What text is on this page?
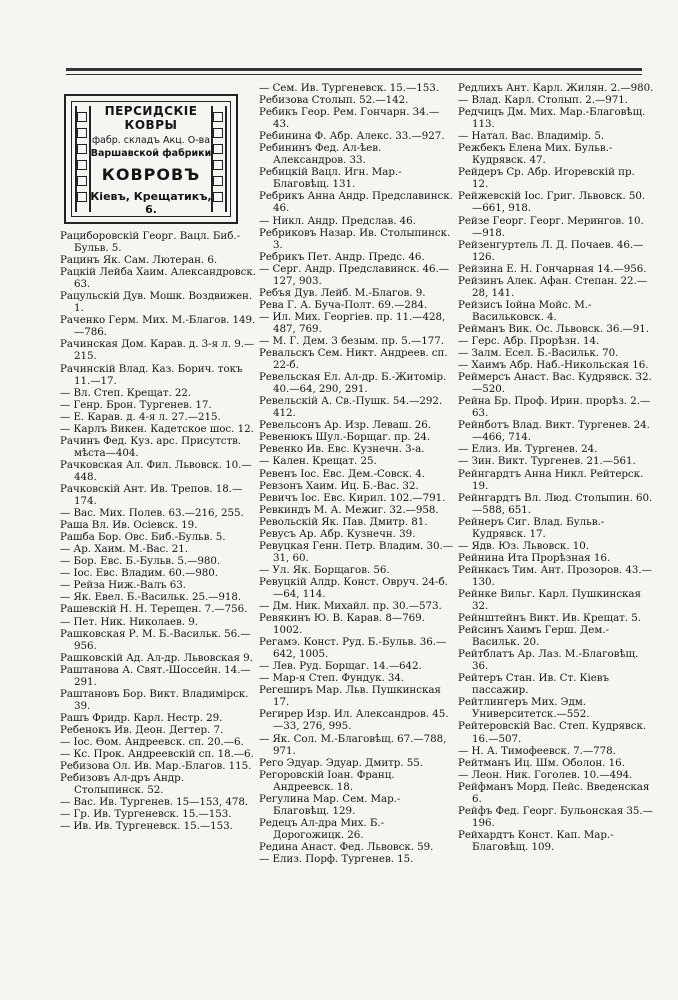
ПЕРСИДСКIЕ КОВРЫ
фабр. складъ Акц. О-ва
Варшавской фабрики
КОВРОВЪ
Кiевъ, Крещатикъ, 6.
Рациборовскiй Георг. Вацл. Биб.-Бульв. 5.
Рацинъ Як. Сам. Лютеран. 6.
Рацкiй Лейба Хаим. Александровск. 63.
Рацульскiй Дув. Мошк. Воздвижен. 1.
Раченко Герм. Мих. М.-Благов. 149.—786.
Рачинская Дом. Карав. д. 3-я л. 9.—215.
Рачинскiй Влад. Каз. Борич. токъ 11.—17.
— Вл. Степ. Крещат. 22.
— Генр. Брон. Тургенев. 17.
— Е. Карав. д. 4-я л. 27.—215.
— Карлъ Викен. Кадетское шос. 12.
Рачинъ Фед. Куз. арс. Присутств. мѣста—404.
Рачковская Ал. Фил. Львовск. 10.—448.
Рачковскiй Ант. Ив. Трепов. 18.—174.
— Вас. Мих. Полев. 63.—216, 255.
Раша Вл. Ив. Осiевск. 19.
Рашба Бор. Овс. Биб.-Бульв. 5.
— Ар. Хаим. М.-Вас. 21.
— Бор. Евс. Б.-Бульв. 5.—980.
— Iос. Евс. Владим. 60.—980.
— Рейза Ниж.-Валъ 63.
— Як. Евел. Б.-Васильк. 25.—918.
Рашевскiй Н. Н. Терещен. 7.—756.
— Пет. Ник. Николаев. 9.
Рашковская Р. М. Б.-Васильк. 56.—956.
Рашковскiй Ад. Ал-др. Львовская 9.
Раштанова А. Свят.-Шоссейн. 14.—291.
Раштановъ Бор. Викт. Владимiрск. 39.
Рашъ Фридр. Карл. Нестр. 29.
Ребенокъ Ив. Деон. Дегтер. 7.
— Iос. Ѳом. Андреевск. сп. 20.—6.
— Кс. Прок. Андреевскiй сп. 18.—6.
Ребизова Ол. Ив. Мар.-Благов. 115.
Ребизовъ Ал-дръ Андр. Столыпинск. 52.
— Вас. Ив. Тургенев. 15—153, 478.
— Гр. Ив. Тургеневск. 15.—153.
— Ив. Ив. Тургеневск. 15.—153.
— Сем. Ив. Тургеневск. 15.—153.
Ребизова Столып. 52.—142.
Ребикъ Геор. Рем. Гончарн. 34.—43.
Ребинина Ф. Абр. Алекс. 33.—927.
Ребининъ Фед. Ал-ѣев. Александров. 33.
Ребицкiй Вацл. Игн. Мар.-Благовѣщ. 131.
Ребрикъ Анна Андр. Предславинск. 46.
— Никл. Андр. Предслав. 46.
Ребриковъ Назар. Ив. Столыпинск. 3.
Ребрикъ Пет. Андр. Предс. 46.
— Серг. Андр. Предславинск. 46.—127, 903.
Ребъя Дув. Лейб. М.-Благов. 9.
Рева Г. А. Буча-Полт. 69.—284.
— Ил. Мих. Георгiев. пр. 11.—428, 487, 769.
— М. Г. Дем. 3 безым. пр. 5.—177.
Ревальскъ Сем. Никт. Андреев. сп. 22-б.
Ревельская Ел. Ал-др. Б.-Житомiр. 40.—64, 290, 291.
Ревельскiй А. Св.-Пушк. 54.—292. 412.
Ревельсонъ Ар. Изр. Леваш. 26.
Ревенюкъ Шул.-Борщаг. пр. 24.
Ревенко Ив. Евс. Кузнечн. 3-а.
— Кален. Крещат. 25.
Ревенъ Iос. Евс. Дем.-Совск. 4.
Ревзонъ Хаим. Иц. Б.-Вас. 32.
Ревичъ Iос. Евс. Кирил. 102.—791.
Ревкиндъ М. А. Межиг. 32.—958.
Револьскiй Як. Пав. Дмитр. 81.
Ревусъ Ар. Абр. Кузнечн. 39.
Ревуцкая Генн. Петр. Владим. 30.—31, 60.
— Ул. Як. Борщагов. 56.
Ревуцкiй Алдр. Конст. Овруч. 24-б.—64, 114.
— Дм. Ник. Михайл. пр. 30.—573.
Ревякинъ Ю. В. Карав. 8—769. 1002.
Регамэ. Конст. Руд. Б.-Бульв. 36.—642, 1005.
— Лев. Руд. Борщаг. 14.—642.
— Мар-я Степ. Фундук. 34.
Регеширъ Мар. Льв. Пушкинская 17.
Регирер Изр. Ил. Александров. 45.—33, 276, 995.
— Як. Сол. М.-Благовѣщ. 67.—788, 971.
Рего Эдуар. Эдуар. Дмитр. 55.
Регоровскiй Iоан. Франц. Андреевск. 18.
Регулина Мар. Сем. Мар.-Благовѣщ. 129.
Редецъ Ал-дра Мих. Б.-Дорогожицк. 26.
Редина Анаст. Фед. Львовск. 59.
— Елиз. Порф. Тургенев. 15.
Редлихъ Ант. Карл. Жилян. 2.—980.
— Влад. Карл. Столып. 2.—971.
Редчицъ Дм. Мих. Мар.-Благовѣщ. 113.
— Натал. Вас. Владимiр. 5.
Режбекъ Елена Мих. Бульв.-Кудрявск. 47.
Рейдеръ Ср. Абр. Игоревскiй пр. 12.
Рейжевскiй Iос. Григ. Львовск. 50.—661, 918.
Рейзе Георг. Георг. Мерингов. 10.—918.
Рейзенгуртель Л. Д. Почаев. 46.—126.
Рейзина Е. Н. Гончарная 14.—956.
Рейзинъ Алек. Афан. Степан. 22.—28, 141.
Рейзисъ Iойна Мойс. М.-Васильковск. 4.
Рейманъ Вик. Ос. Львовск. 36.—91.
— Герс. Абр. Прорѣзн. 14.
— Залм. Есел. Б.-Васильк. 70.
— Хаимъ Абр. Наб.-Никольская 16.
Реймерсъ Анаст. Вас. Кудрявск. 32.—520.
Рейна Бр. Проф. Ирин. прорѣз. 2.—63.
Рейнботъ Влад. Викт. Тургенев. 24.—466, 714.
— Елиз. Ив. Тургенев. 24.
— Зин. Викт. Тургенев. 21.—561.
Рейнгардтъ Анна Никл. Рейтерск. 19.
Рейнгардтъ Вл. Люд. Столыпин. 60.—588, 651.
Рейнеръ Сиг. Влад. Бульв.-Кудрявск. 17.
— Ядв. Юз. Львовск. 10.
Рейнина Ита Прорѣзная 16.
Рейнкасъ Тим. Ант. Прозоров. 43.—130.
Рейнке Вильг. Карл. Пушкинская 32.
Рейнштейнъ Викт. Ив. Крещат. 5.
Рейсинъ Хаимъ Герш. Дем.-Васильк. 20.
Рейтблатъ Ар. Лаз. М.-Благовѣщ. 36.
Рейтеръ Стан. Ив. Ст. Кiевъ пассажир.
Рейтлингеръ Мих. Эдм. Университетск.—552.
Рейтеровскiй Вас. Степ. Кудрявск. 16.—507.
— Н. А. Тимофеевск. 7.—778.
Рейтманъ Иц. Шм. Оболон. 16.
— Леон. Ник. Гоголев. 10.—494.
Рейфманъ Морд. Пейс. Введенская 6.
Рейфъ Фед. Георг. Бульонская 35.—196.
Рейхардтъ Конст. Кап. Мар.-Благовѣщ. 109.
